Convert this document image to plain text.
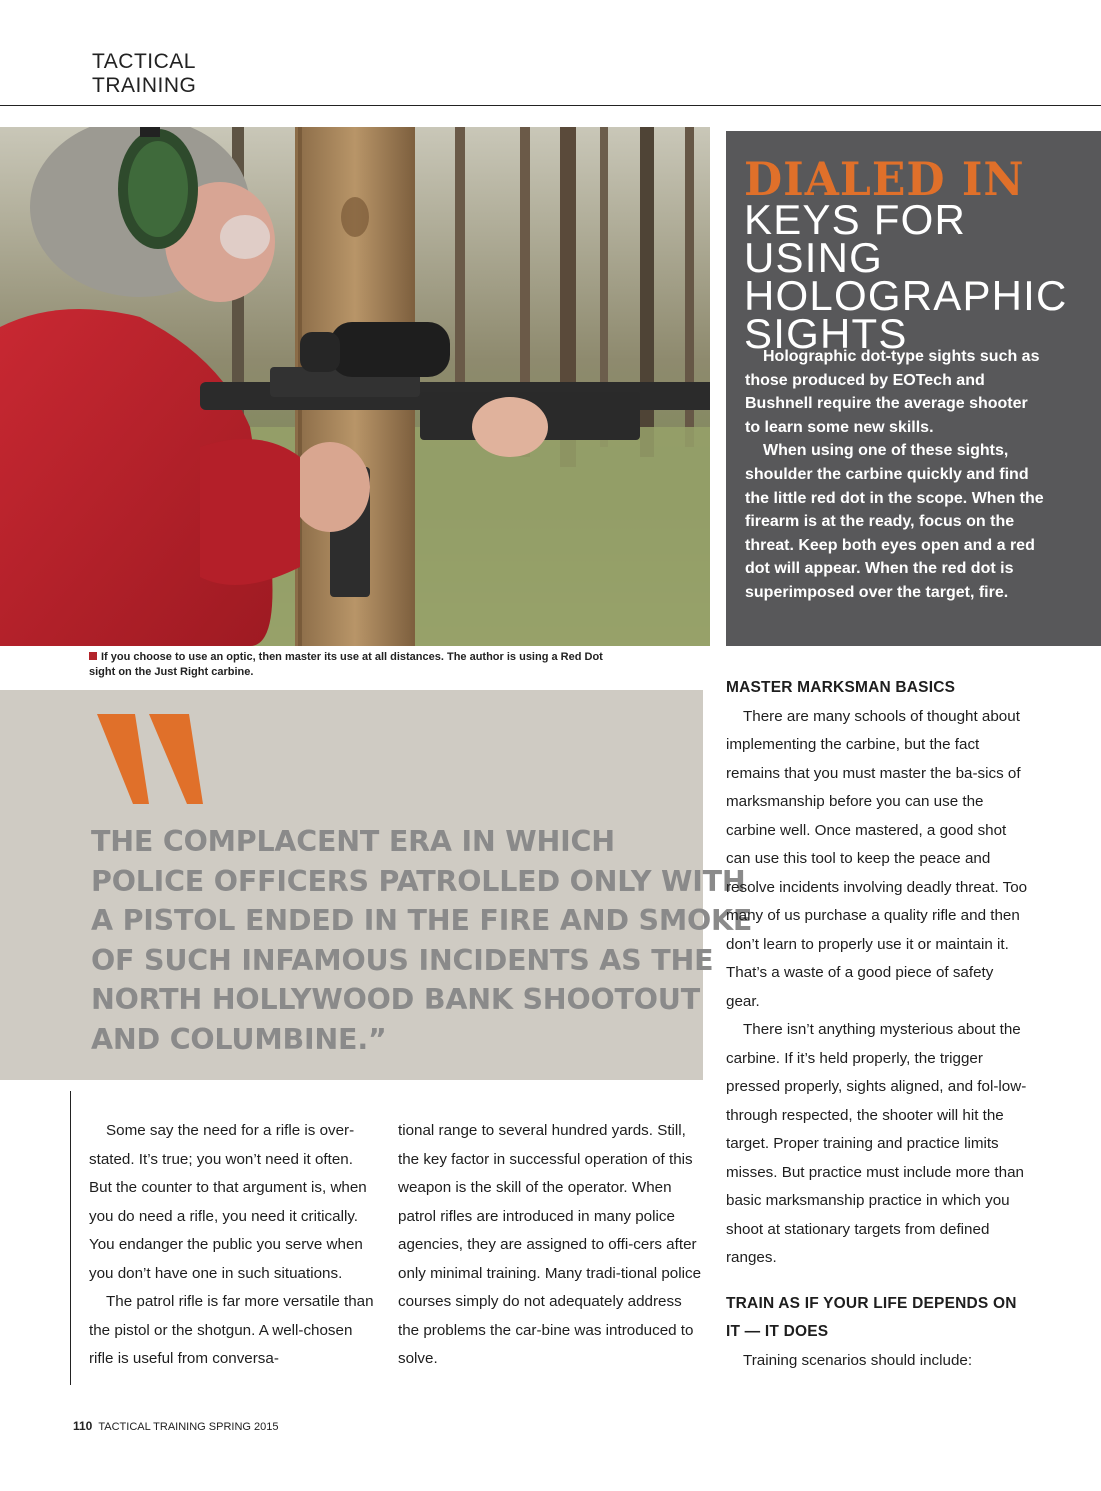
TACTICAL
TRAINING
If you choose to use an optic, then master its use at all distances. The author is using a Red Dot sight on the Just Right carbine.
DIALED IN
KEYS FOR USING HOLOGRAPHIC SIGHTS

Holographic dot-type sights such as those produced by EOTech and Bushnell require the average shooter to learn some new skills.

When using one of these sights, shoulder the carbine quickly and find the little red dot in the scope. When the firearm is at the ready, focus on the threat. Keep both eyes open and a red dot will appear. When the red dot is superimposed over the target, fire.

THE COMPLACENT ERA IN WHICH
POLICE OFFICERS PATROLLED ONLY WITH
A PISTOL ENDED IN THE FIRE AND SMOKE
OF SUCH INFAMOUS INCIDENTS AS THE
NORTH HOLLYWOOD BANK SHOOTOUT
AND COLUMBINE.”

Some say the need for a rifle is over-stated. It’s true; you won’t need it often. But the counter to that argument is, when you do need a rifle, you need it critically. You endanger the public you serve when you don’t have one in such situations.

The patrol rifle is far more versatile than the pistol or the shotgun. A well-chosen rifle is useful from conversa-

tional range to several hundred yards. Still, the key factor in successful operation of this weapon is the skill of the operator. When patrol rifles are introduced in many police agencies, they are assigned to offi-cers after only minimal training. Many tradi-tional police courses simply do not adequately address the problems the car-bine was introduced to solve.

MASTER MARKSMAN BASICS

There are many schools of thought about implementing the carbine, but the fact remains that you must master the ba-sics of marksmanship before you can use the carbine well. Once mastered, a good shot can use this tool to keep the peace and resolve incidents involving deadly threat. Too many of us purchase a quality rifle and then don’t learn to properly use it or maintain it. That’s a waste of a good piece of safety gear.

There isn’t anything mysterious about the carbine. If it’s held properly, the trigger pressed properly, sights aligned, and fol-low-through respected, the shooter will hit the target. Proper training and practice limits misses. But practice must include more than basic marksmanship practice in which you shoot at stationary targets from defined ranges.

TRAIN AS IF YOUR LIFE DEPENDS ON IT — IT DOES

Training scenarios should include:

110 TACTICAL TRAINING SPRING 2015
